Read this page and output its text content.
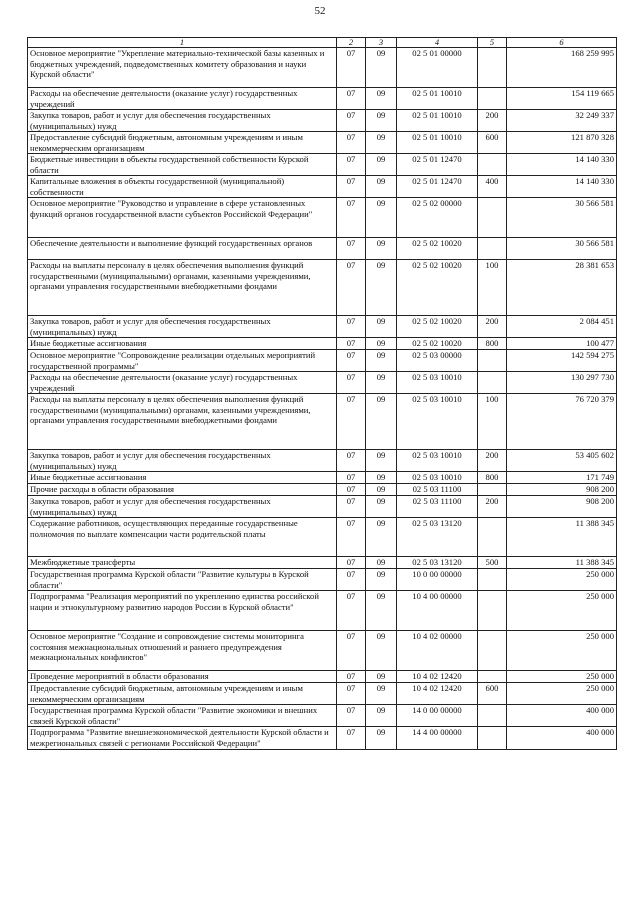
52
1	2	3	4	5	6
Основное мероприятие "Укрепление материально-технической базы казенных и бюджетных учреждений, подведомственных комитету образования и науки Курской области"	07	09	02 5 01 00000		168 259 995
Расходы на обеспечение деятельности (оказание услуг) государственных учреждений	07	09	02 5 01 10010		154 119 665
Закупка товаров, работ и услуг для обеспечения государственных (муниципальных) нужд	07	09	02 5 01 10010	200	32 249 337
Предоставление субсидий бюджетным, автономным учреждениям и иным некоммерческим организациям	07	09	02 5 01 10010	600	121 870 328
Бюджетные инвестиции в объекты государственной собственности Курской области	07	09	02 5 01 12470		14 140 330
Капитальные вложения в объекты государственной (муниципальной) собственности	07	09	02 5 01 12470	400	14 140 330
Основное мероприятие "Руководство и управление в сфере установленных функций органов государственной власти субъектов Российской Федерации"	07	09	02 5 02 00000		30 566 581
Обеспечение деятельности и выполнение функций государственных органов	07	09	02 5 02 10020		30 566 581
Расходы на выплаты персоналу в целях обеспечения выполнения функций государственными (муниципальными) органами, казенными учреждениями, органами управления государственными внебюджетными фондами	07	09	02 5 02 10020	100	28 381 653
Закупка товаров, работ и услуг для обеспечения государственных (муниципальных) нужд	07	09	02 5 02 10020	200	2 084 451
Иные бюджетные ассигнования	07	09	02 5 02 10020	800	100 477
Основное мероприятие "Сопровождение реализации отдельных мероприятий государственной программы"	07	09	02 5 03 00000		142 594 275
Расходы на обеспечение деятельности (оказание услуг) государственных учреждений	07	09	02 5 03 10010		130 297 730
Расходы на выплаты персоналу в целях обеспечения выполнения функций государственными (муниципальными) органами, казенными учреждениями, органами управления государственными внебюджетными фондами	07	09	02 5 03 10010	100	76 720 379
Закупка товаров, работ и услуг для обеспечения государственных (муниципальных) нужд	07	09	02 5 03 10010	200	53 405 602
Иные бюджетные ассигнования	07	09	02 5 03 10010	800	171 749
Прочие расходы в области образования	07	09	02 5 03 11100		908 200
Закупка товаров, работ и услуг для обеспечения государственных (муниципальных) нужд	07	09	02 5 03 11100	200	908 200
Содержание работников, осуществляющих переданные государственные полномочия по выплате компенсации части родительской платы	07	09	02 5 03 13120		11 388 345
Межбюджетные трансферты	07	09	02 5 03 13120	500	11 388 345
Государственная программа Курской области "Развитие культуры в Курской области"	07	09	10 0 00 00000		250 000
Подпрограмма "Реализация мероприятий по укреплению единства российской нации и этнокультурному развитию народов России в Курской области"	07	09	10 4 00 00000		250 000
Основное мероприятие "Создание и сопровождение системы мониторинга состояния межнациональных отношений и раннего предупреждения межнациональных конфликтов"	07	09	10 4 02 00000		250 000
Проведение мероприятий в области образования	07	09	10 4 02 12420		250 000
Предоставление субсидий бюджетным, автономным учреждениям и иным некоммерческим организациям	07	09	10 4 02 12420	600	250 000
Государственная программа Курской области "Развитие экономики и внешних связей Курской области"	07	09	14 0 00 00000		400 000
Подпрограмма "Развитие внешнеэкономической деятельности Курской области и межрегиональных связей с регионами Российской Федерации"	07	09	14 4 00 00000		400 000
